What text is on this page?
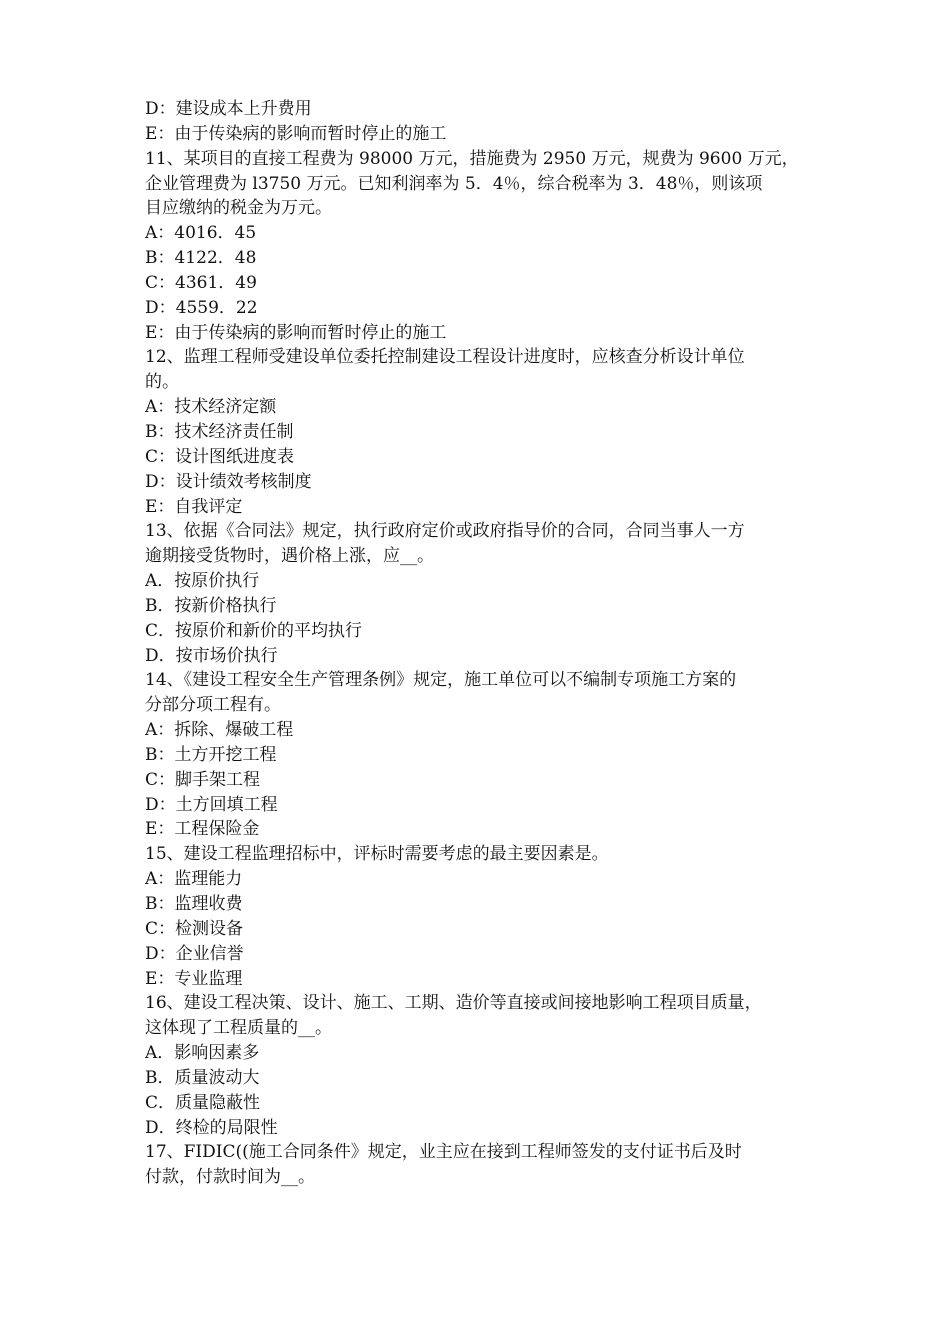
D：建设成本上升费用
E：由于传染病的影响而暂时停止的施工
11、某项目的直接工程费为 98000 万元，措施费为 2950 万元，规费为 9600 万元，
企业管理费为 l3750 万元。已知利润率为 5．4％，综合税率为 3．48％，则该项
目应缴纳的税金为万元。
A：4016．45
B：4122．48
C：4361．49
D：4559．22
E：由于传染病的影响而暂时停止的施工
12、监理工程师受建设单位委托控制建设工程设计进度时，应核查分析设计单位
的。
A：技术经济定额
B：技术经济责任制
C：设计图纸进度表
D：设计绩效考核制度
E：自我评定
13、依据《合同法》规定，执行政府定价或政府指导价的合同，合同当事人一方
逾期接受货物时，遇价格上涨，应__。
A．按原价执行
B．按新价格执行
C．按原价和新价的平均执行
D．按市场价执行
14、《建设工程安全生产管理条例》规定，施工单位可以不编制专项施工方案的
分部分项工程有。
A：拆除、爆破工程
B：土方开挖工程
C：脚手架工程
D：土方回填工程
E：工程保险金
15、建设工程监理招标中，评标时需要考虑的最主要因素是。
A：监理能力
B：监理收费
C：检测设备
D：企业信誉
E：专业监理
16、建设工程决策、设计、施工、工期、造价等直接或间接地影响工程项目质量，
这体现了工程质量的__。
A．影响因素多
B．质量波动大
C．质量隐蔽性
D．终检的局限性
17、FIDIC((施工合同条件》规定，业主应在接到工程师签发的支付证书后及时
付款，付款时间为__。
